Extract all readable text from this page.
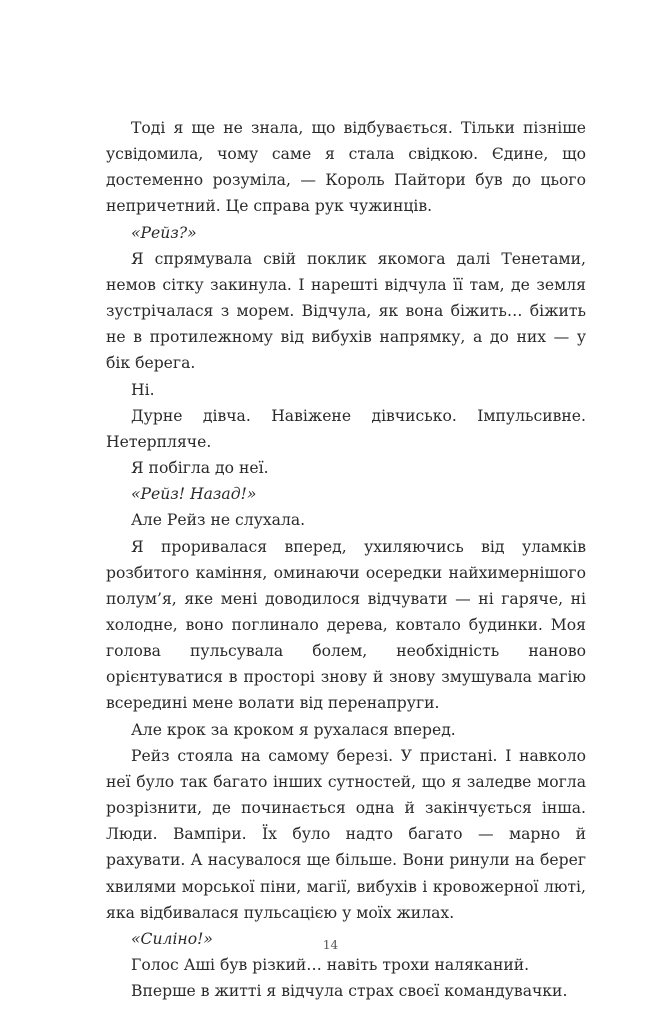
Тоді я ще не знала, що відбувається. Тільки пізніше усвідомила, чому саме я стала свідкою. Єдине, що достеменно розуміла, — Король Пайтори був до цього непричетний. Це справа рук чужинців.

«Рейз?»

Я спрямувала свій поклик якомога далі Тенетами, немов сітку закинула. І нарешті відчула її там, де земля зустрічалася з морем. Відчула, як вона біжить… біжить не в протилежному від вибухів напрямку, а до них — у бік берега.

Ні.

Дурне дівча. Навіжене дівчисько. Імпульсивне. Нетерпляче.

Я побігла до неї.

«Рейз! Назад!»

Але Рейз не слухала.

Я проривалася вперед, ухиляючись від уламків розбитого каміння, оминаючи осередки найхимернішого полум’я, яке мені доводилося відчувати — ні гаряче, ні холодне, воно поглинало дерева, ковтало будинки. Моя голова пульсувала болем, необхідність наново орієнтуватися в просторі знову й знову змушувала магію всередині мене волати від перенапруги.

Але крок за кроком я рухалася вперед.

Рейз стояла на самому березі. У пристані. І навколо неї було так багато інших сутностей, що я заледве могла розрізнити, де починається одна й закінчується інша. Люди. Вампіри. Їх було надто багато — марно й рахувати. А насувалося ще більше. Вони ринули на берег хвилями морської піни, магії, вибухів і кровожерної люті, яка відбивалася пульсацією у моїх жилах.

«Силіно!»

Голос Аші був різкий… навіть трохи наляканий.

Вперше в житті я відчула страх своєї командувачки.

14
